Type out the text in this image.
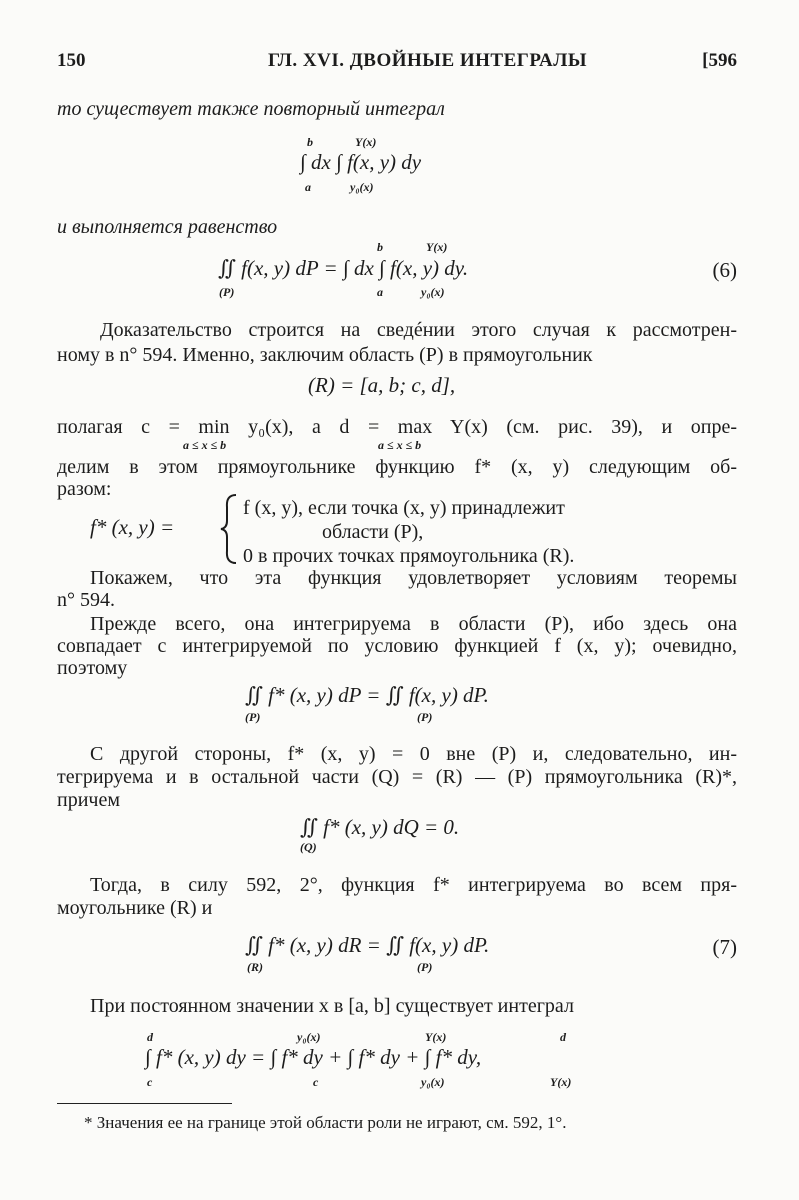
150	ГЛ. XVI. ДВОЙНЫЕ ИНТЕГРАЛЫ	[596
то существует также повторный интеграл
b	Y(x)
∫ dx ∫ f(x, y) dy
a	y₀(x)
и выполняется равенство
b	Y(x)
∬ f(x, y) dP = ∫ dx ∫ f(x, y) dy.
(P)	a	y₀(x)
(6)
Доказательство строится на сведéнии этого случая к рассмотрен-
ному в n° 594. Именно, заключим область (P) в прямоугольник
(R) = [a, b; c, d],
полагая c = min y₀(x), а d = max Y(x) (см. рис. 39), и опре-
a ≤ x ≤ b	a ≤ x ≤ b
делим в этом прямоугольнике функцию f* (x, y) следующим об-
разом:
f* (x, y) =
f (x, y), если точка (x, y) принадлежит
области (P),
0 в прочих точках прямоугольника (R).
Покажем, что эта функция удовлетворяет условиям теоремы
n° 594.
Прежде всего, она интегрируема в области (P), ибо здесь она
совпадает с интегрируемой по условию функцией f (x, y); очевидно,
поэтому
∬ f* (x, y) dP = ∬ f(x, y) dP.
(P)	(P)
С другой стороны, f* (x, y) = 0 вне (P) и, следовательно, ин-
тегрируема и в остальной части (Q) = (R) — (P) прямоугольника (R)*,
причем
∬ f* (x, y) dQ = 0.
(Q)
Тогда, в силу 592, 2°, функция f* интегрируема во всем пря-
моугольнике (R) и
∬ f* (x, y) dR = ∬ f(x, y) dP.
(R)	(P)
(7)
При постоянном значении x в [a, b] существует интеграл
d	y₀(x)	Y(x)	d
∫ f* (x, y) dy = ∫ f* dy + ∫ f* dy + ∫ f* dy,
c	c	y₀(x)	Y(x)
* Значения ее на границе этой области роли не играют, см. 592, 1°.
